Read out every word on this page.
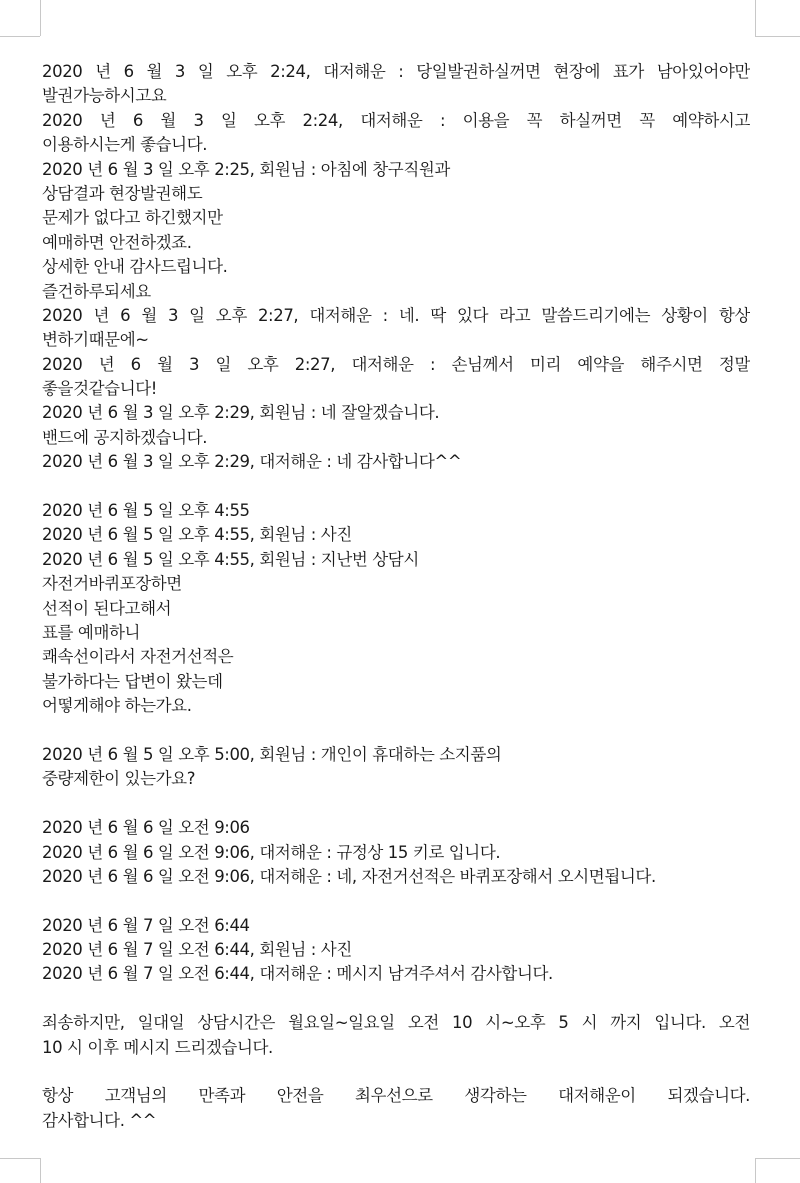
2020 년 6 월 3 일 오후 2:24, 대저해운 : 당일발권하실꺼면 현장에 표가 남아있어야만
발권가능하시고요
2020 년 6 월 3 일 오후 2:24, 대저해운 : 이용을 꼭 하실꺼면 꼭 예약하시고
이용하시는게 좋습니다.
2020 년 6 월 3 일 오후 2:25, 회원님 : 아침에 창구직원과
상담결과 현장발권해도
문제가 없다고 하긴했지만
예매하면 안전하겠죠.
상세한 안내 감사드립니다.
즐건하루되세요
2020 년 6 월 3 일 오후 2:27, 대저해운 : 네. 딱 있다 라고 말씀드리기에는 상황이 항상
변하기때문에~
2020 년 6 월 3 일 오후 2:27, 대저해운 : 손님께서 미리 예약을 해주시면 정말
좋을것같습니다!
2020 년 6 월 3 일 오후 2:29, 회원님 : 네 잘알겠습니다.
밴드에 공지하겠습니다.
2020 년 6 월 3 일 오후 2:29, 대저해운 : 네 감사합니다^^
2020 년 6 월 5 일 오후 4:55
2020 년 6 월 5 일 오후 4:55, 회원님 : 사진
2020 년 6 월 5 일 오후 4:55, 회원님 : 지난번 상담시
자전거바퀴포장하면
선적이 된다고해서
표를 예매하니
쾌속선이라서 자전거선적은
불가하다는 답변이 왔는데
어떻게해야 하는가요.
2020 년 6 월 5 일 오후 5:00, 회원님 : 개인이 휴대하는 소지품의
중량제한이 있는가요?
2020 년 6 월 6 일 오전 9:06
2020 년 6 월 6 일 오전 9:06, 대저해운 : 규정상 15 키로 입니다.
2020 년 6 월 6 일 오전 9:06, 대저해운 : 네, 자전거선적은 바퀴포장해서 오시면됩니다.
2020 년 6 월 7 일 오전 6:44
2020 년 6 월 7 일 오전 6:44, 회원님 : 사진
2020 년 6 월 7 일 오전 6:44, 대저해운 : 메시지 남겨주셔서 감사합니다.
죄송하지만, 일대일 상담시간은 월요일~일요일 오전 10 시~오후 5 시 까지 입니다. 오전
10 시 이후 메시지 드리겠습니다.
항상 고객님의 만족과 안전을 최우선으로 생각하는 대저해운이 되겠습니다.
감사합니다. ^^
